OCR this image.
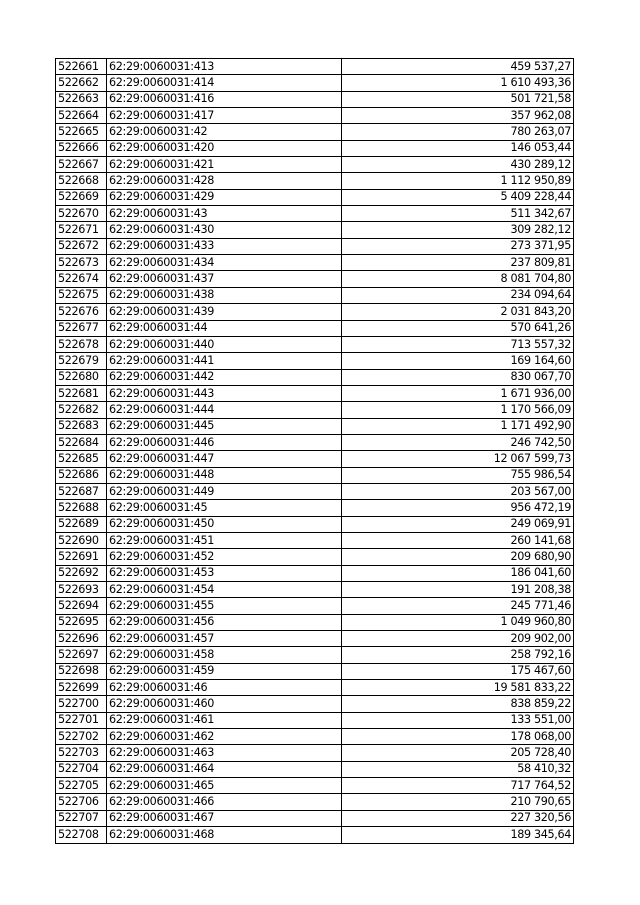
522661	62:29:0060031:413	459 537,27
522662	62:29:0060031:414	1 610 493,36
522663	62:29:0060031:416	501 721,58
522664	62:29:0060031:417	357 962,08
522665	62:29:0060031:42	780 263,07
522666	62:29:0060031:420	146 053,44
522667	62:29:0060031:421	430 289,12
522668	62:29:0060031:428	1 112 950,89
522669	62:29:0060031:429	5 409 228,44
522670	62:29:0060031:43	511 342,67
522671	62:29:0060031:430	309 282,12
522672	62:29:0060031:433	273 371,95
522673	62:29:0060031:434	237 809,81
522674	62:29:0060031:437	8 081 704,80
522675	62:29:0060031:438	234 094,64
522676	62:29:0060031:439	2 031 843,20
522677	62:29:0060031:44	570 641,26
522678	62:29:0060031:440	713 557,32
522679	62:29:0060031:441	169 164,60
522680	62:29:0060031:442	830 067,70
522681	62:29:0060031:443	1 671 936,00
522682	62:29:0060031:444	1 170 566,09
522683	62:29:0060031:445	1 171 492,90
522684	62:29:0060031:446	246 742,50
522685	62:29:0060031:447	12 067 599,73
522686	62:29:0060031:448	755 986,54
522687	62:29:0060031:449	203 567,00
522688	62:29:0060031:45	956 472,19
522689	62:29:0060031:450	249 069,91
522690	62:29:0060031:451	260 141,68
522691	62:29:0060031:452	209 680,90
522692	62:29:0060031:453	186 041,60
522693	62:29:0060031:454	191 208,38
522694	62:29:0060031:455	245 771,46
522695	62:29:0060031:456	1 049 960,80
522696	62:29:0060031:457	209 902,00
522697	62:29:0060031:458	258 792,16
522698	62:29:0060031:459	175 467,60
522699	62:29:0060031:46	19 581 833,22
522700	62:29:0060031:460	838 859,22
522701	62:29:0060031:461	133 551,00
522702	62:29:0060031:462	178 068,00
522703	62:29:0060031:463	205 728,40
522704	62:29:0060031:464	58 410,32
522705	62:29:0060031:465	717 764,52
522706	62:29:0060031:466	210 790,65
522707	62:29:0060031:467	227 320,56
522708	62:29:0060031:468	189 345,64
